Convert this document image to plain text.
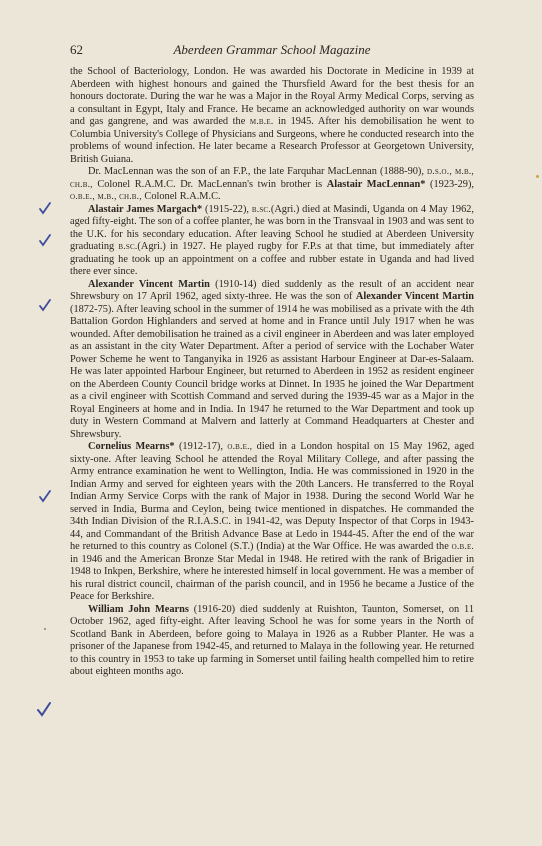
62	Aberdeen Grammar School Magazine

the School of Bacteriology, London. He was awarded his Doctorate in Medicine in 1939 at Aberdeen with highest honours and gained the Thursfield Award for the best thesis for an honours doctorate. During the war he was a Major in the Royal Army Medical Corps, serving as a consultant in Egypt, Italy and France. He became an acknowledged authority on war wounds and gas gangrene, and was awarded the m.b.e. in 1945. After his demobilisation he went to Columbia University's College of Physicians and Surgeons, where he conducted research into the problems of wound infection. He later became a Research Professor at Georgetown University, British Guiana.

Dr. MacLennan was the son of an F.P., the late Farquhar MacLennan (1888-90), d.s.o., m.b., ch.b., Colonel R.A.M.C. Dr. MacLennan's twin brother is Alastair MacLennan* (1923-29), o.b.e., m.b., ch.b., Colonel R.A.M.C.

Alastair James Margach* (1915-22), b.sc.(Agri.) died at Masindi, Uganda on 4 May 1962, aged fifty-eight. The son of a coffee planter, he was born in the Transvaal in 1903 and was sent to the U.K. for his secondary education. After leaving School he studied at Aberdeen University graduating b.sc.(Agri.) in 1927. He played rugby for F.P.s at that time, but immediately after graduating he took up an appointment on a coffee and rubber estate in Uganda and had lived there ever since.

Alexander Vincent Martin (1910-14) died suddenly as the result of an accident near Shrewsbury on 17 April 1962, aged sixty-three. He was the son of Alexander Vincent Martin (1872-75). After leaving school in the summer of 1914 he was mobilised as a private with the 4th Battalion Gordon Highlanders and served at home and in France until July 1917 when he was wounded. After demobilisation he trained as a civil engineer in Aberdeen and was later employed as an assistant in the city Water Department. After a period of service with the Lochaber Water Power Scheme he went to Tanganyika in 1926 as assistant Harbour Engineer at Dar-es-Salaam. He was later appointed Harbour Engineer, but returned to Aberdeen in 1952 as resident engineer on the Aberdeen County Council bridge works at Dinnet. In 1935 he joined the War Department as a civil engineer with Scottish Command and served during the 1939-45 war as a Major in the Royal Engineers at home and in India. In 1947 he returned to the War Department and took up duty in Western Command at Malvern and latterly at Command Headquarters at Chester and Shrewsbury.

Cornelius Mearns* (1912-17), o.b.e., died in a London hospital on 15 May 1962, aged sixty-one. After leaving School he attended the Royal Military College, and after passing the Army entrance examination he went to Wellington, India. He was commissioned in 1920 in the Indian Army and served for eighteen years with the 20th Lancers. He transferred to the Royal Indian Army Service Corps with the rank of Major in 1938. During the second World War he served in India, Burma and Ceylon, being twice mentioned in dispatches. He commanded the 34th Indian Division of the R.I.A.S.C. in 1941-42, was Deputy Inspector of that Corps in 1943-44, and Commandant of the British Advance Base at Ledo in 1944-45. After the end of the war he returned to this country as Colonel (S.T.) (India) at the War Office. He was awarded the o.b.e. in 1946 and the American Bronze Star Medal in 1948. He retired with the rank of Brigadier in 1948 to Inkpen, Berkshire, where he interested himself in local government. He was a member of his rural district council, chairman of the parish council, and in 1956 he became a Justice of the Peace for Berkshire.

William John Mearns (1916-20) died suddenly at Ruishton, Taunton, Somerset, on 11 October 1962, aged fifty-eight. After leaving School he was for some years in the North of Scotland Bank in Aberdeen, before going to Malaya in 1926 as a Rubber Planter. He was a prisoner of the Japanese from 1942-45, and returned to Malaya in the following year. He returned to this country in 1953 to take up farming in Somerset until failing health compelled him to retire about eighteen months ago.
